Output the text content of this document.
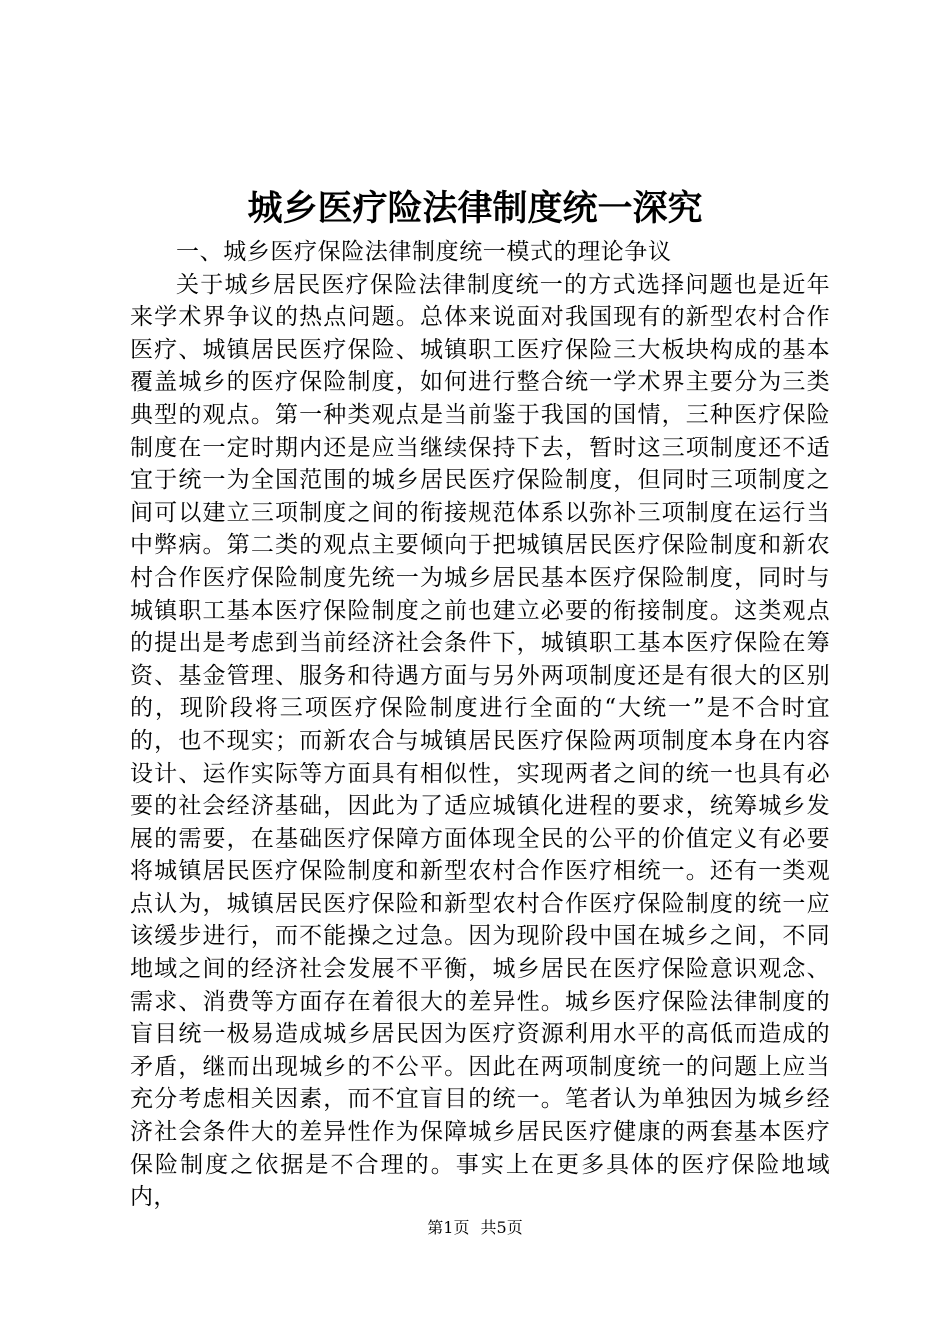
城乡医疗险法律制度统一深究

一、城乡医疗保险法律制度统一模式的理论争议

关于城乡居民医疗保险法律制度统一的方式选择问题也是近年来学术界争议的热点问题。总体来说面对我国现有的新型农村合作医疗、城镇居民医疗保险、城镇职工医疗保险三大板块构成的基本覆盖城乡的医疗保险制度，如何进行整合统一学术界主要分为三类典型的观点。第一种类观点是当前鉴于我国的国情，三种医疗保险制度在一定时期内还是应当继续保持下去，暂时这三项制度还不适宜于统一为全国范围的城乡居民医疗保险制度，但同时三项制度之间可以建立三项制度之间的衔接规范体系以弥补三项制度在运行当中弊病。第二类的观点主要倾向于把城镇居民医疗保险制度和新农村合作医疗保险制度先统一为城乡居民基本医疗保险制度，同时与城镇职工基本医疗保险制度之前也建立必要的衔接制度。这类观点的提出是考虑到当前经济社会条件下，城镇职工基本医疗保险在筹资、基金管理、服务和待遇方面与另外两项制度还是有很大的区别的，现阶段将三项医疗保险制度进行全面的“大统一”是不合时宜的，也不现实；而新农合与城镇居民医疗保险两项制度本身在内容设计、运作实际等方面具有相似性，实现两者之间的统一也具有必要的社会经济基础，因此为了适应城镇化进程的要求，统筹城乡发展的需要，在基础医疗保障方面体现全民的公平的价值定义有必要将城镇居民医疗保险制度和新型农村合作医疗相统一。还有一类观点认为，城镇居民医疗保险和新型农村合作医疗保险制度的统一应该缓步进行，而不能操之过急。因为现阶段中国在城乡之间，不同地域之间的经济社会发展不平衡，城乡居民在医疗保险意识观念、需求、消费等方面存在着很大的差异性。城乡医疗保险法律制度的盲目统一极易造成城乡居民因为医疗资源利用水平的高低而造成的矛盾，继而出现城乡的不公平。因此在两项制度统一的问题上应当充分考虑相关因素，而不宜盲目的统一。笔者认为单独因为城乡经济社会条件大的差异性作为保障城乡居民医疗健康的两套基本医疗保险制度之依据是不合理的。事实上在更多具体的医疗保险地域内，

第1页 共5页
